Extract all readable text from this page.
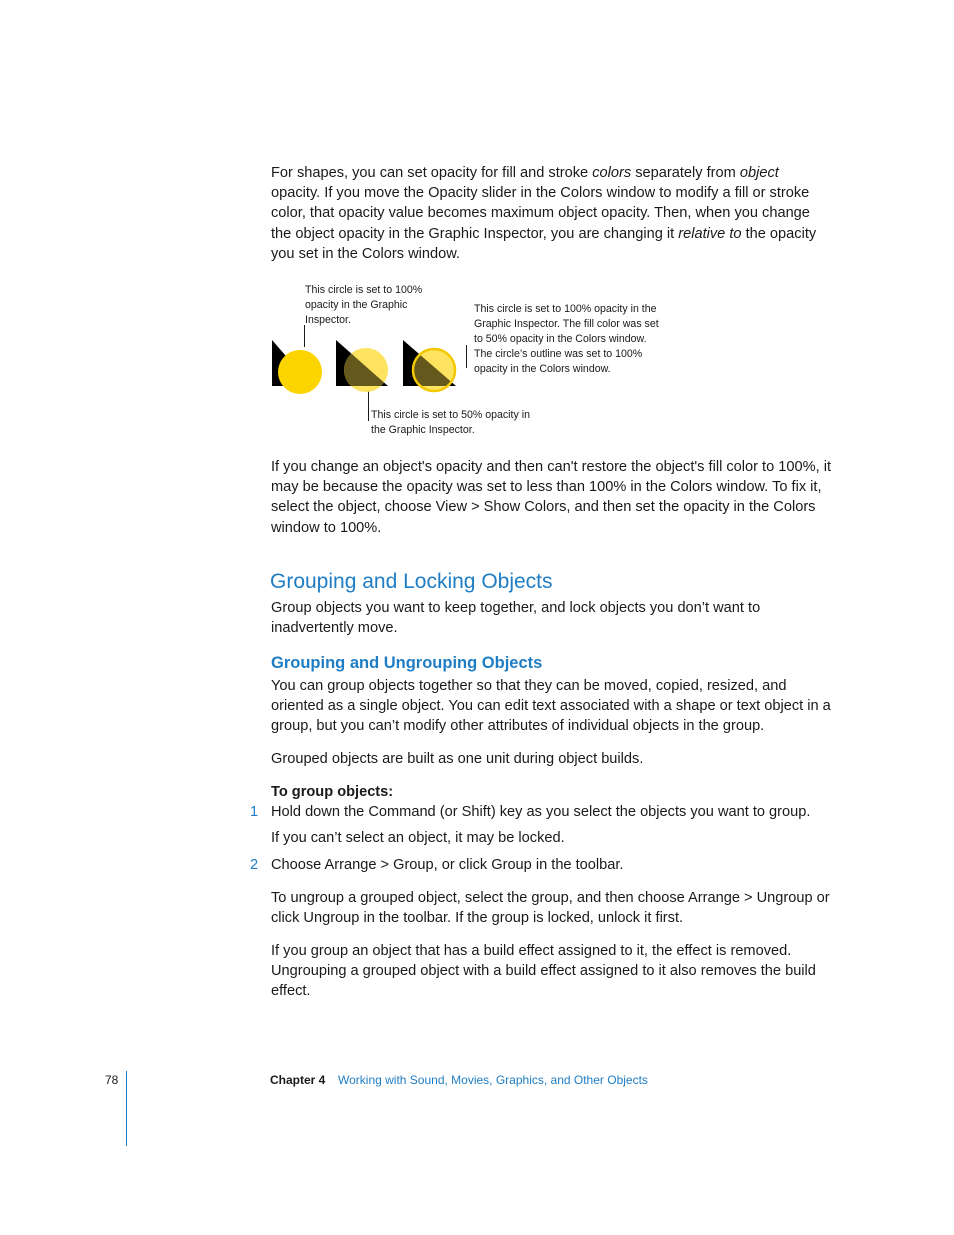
For shapes, you can set opacity for fill and stroke colors separately from object opacity. If you move the Opacity slider in the Colors window to modify a fill or stroke color, that opacity value becomes maximum object opacity. Then, when you change the object opacity in the Graphic Inspector, you are changing it relative to the opacity you set in the Colors window.

This circle is set to 100% opacity in the Graphic Inspector.
This circle is set to 100% opacity in the Graphic Inspector. The fill color was set to 50% opacity in the Colors window. The circle’s outline was set to 100% opacity in the Colors window.
This circle is set to 50% opacity in the Graphic Inspector.

If you change an object's opacity and then can't restore the object's fill color to 100%, it may be because the opacity was set to less than 100% in the Colors window. To fix it, select the object, choose View > Show Colors, and then set the opacity in the Colors window to 100%.

Grouping and Locking Objects

Group objects you want to keep together, and lock objects you don’t want to inadvertently move.

Grouping and Ungrouping Objects

You can group objects together so that they can be moved, copied, resized, and oriented as a single object. You can edit text associated with a shape or text object in a group, but you can’t modify other attributes of individual objects in the group.

Grouped objects are built as one unit during object builds.

To group objects:
1 Hold down the Command (or Shift) key as you select the objects you want to group.
If you can’t select an object, it may be locked.
2 Choose Arrange > Group, or click Group in the toolbar.

To ungroup a grouped object, select the group, and then choose Arrange > Ungroup or click Ungroup in the toolbar. If the group is locked, unlock it first.

If you group an object that has a build effect assigned to it, the effect is removed. Ungrouping a grouped object with a build effect assigned to it also removes the build effect.

78	Chapter 4 Working with Sound, Movies, Graphics, and Other Objects
